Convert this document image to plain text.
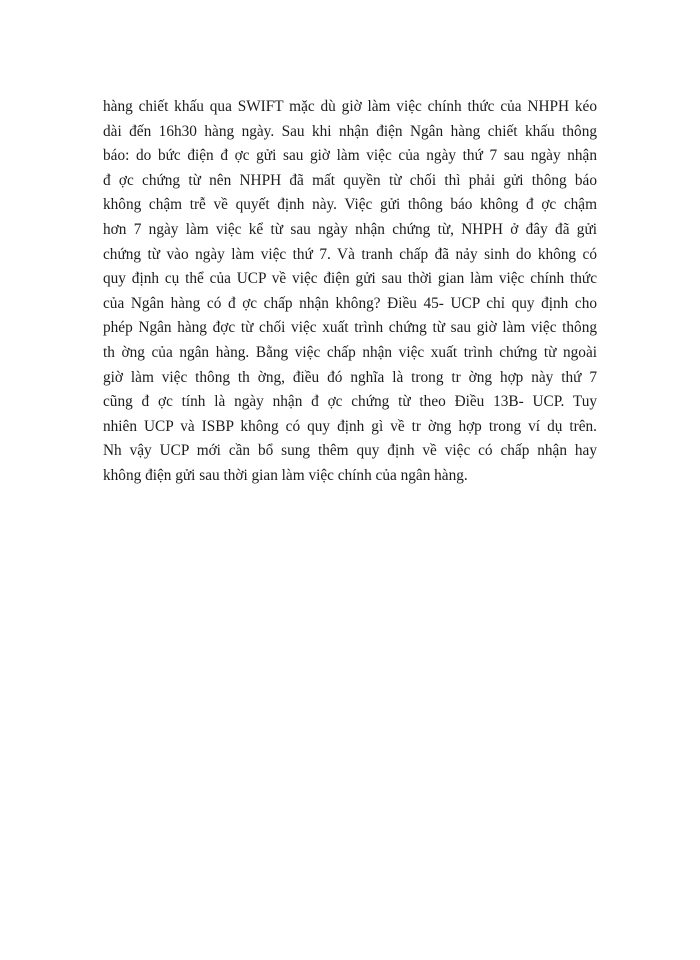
hàng chiết khấu qua SWIFT mặc dù giờ làm việc chính thức của NHPH kéo
dài đến 16h30 hàng ngày. Sau khi nhận điện Ngân hàng chiết khấu thông
báo: do bức điện đ ợc gửi sau giờ làm việc của ngày thứ 7 sau ngày nhận
đ ợc chứng từ nên NHPH đã mất quyền từ chối thì phải gửi thông báo
không chậm trễ về quyết định này. Việc gửi thông báo không đ ợc chậm
hơn 7 ngày làm việc kể từ sau ngày nhận chứng từ, NHPH ở đây đã gửi
chứng từ vào ngày làm việc thứ 7. Và tranh chấp đã nảy sinh do không có
quy định cụ thể của UCP về việc điện gửi sau thời gian làm việc chính thức
của Ngân hàng có đ ợc chấp nhận không? Điều 45- UCP chỉ quy định cho
phép Ngân hàng đợc từ chối việc xuất trình chứng từ sau giờ làm việc thông
th ờng của ngân hàng. Bằng việc chấp nhận việc xuất trình chứng từ ngoài
giờ làm việc thông th ờng, điều đó nghĩa là trong tr ờng hợp này thứ 7
cũng đ ợc tính là ngày nhận đ ợc chứng từ theo Điều 13B- UCP. Tuy
nhiên UCP và ISBP không có quy định gì về tr ờng hợp trong ví dụ trên.
Nh vậy UCP mới cần bổ sung thêm quy định về việc có chấp nhận hay
không điện gửi sau thời gian làm việc chính của ngân hàng.
